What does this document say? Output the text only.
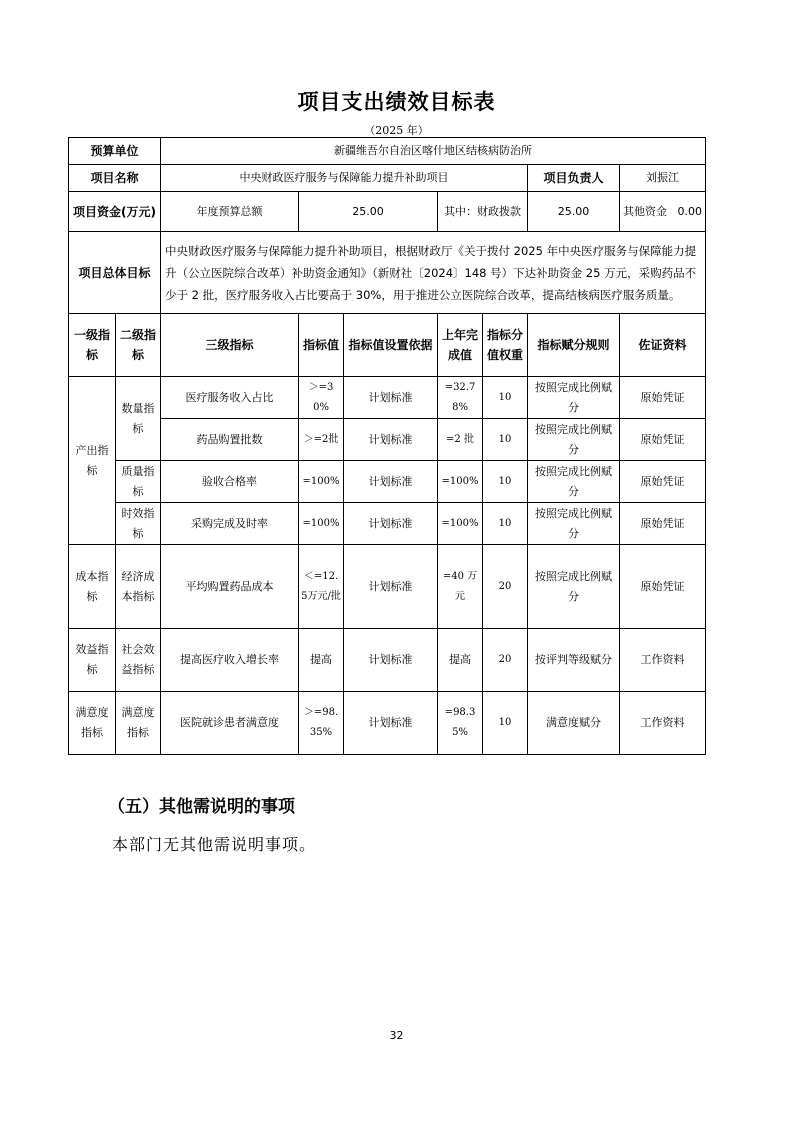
项目支出绩效目标表
（2025 年）
预算单位		新疆维吾尔自治区喀什地区结核病防治所						
项目名称		中央财政医疗服务与保障能力提升补助项目					项目负责人	刘振江
项目资金(万元)		年度预算总额	25.00		其中：财政拨款		25.00	其他资金 0.00
项目总体目标		中央财政医疗服务与保障能力提升补助项目，根据财政厅《关于拨付 2025 年中央医疗服务与保障能力提升（公立医院综合改革）补助资金通知》（新财社〔2024〕148 号）下达补助资金 25 万元，采购药品不少于 2 批，医疗服务收入占比要高于 30%，用于推进公立医院综合改革，提高结核病医疗服务质量。						
一级指标	二级指标	三级指标	指标值	指标值设置依据	上年完成值	指标分值权重	指标赋分规则	佐证资料
产出指标	数量指标	医疗服务收入占比	＞=30%	计划标准	=32.78%	10	按照完成比例赋分	原始凭证
		药品购置批数	＞=2批	计划标准	=2 批	10	按照完成比例赋分	原始凭证
	质量指标	验收合格率	=100%	计划标准	=100%	10	按照完成比例赋分	原始凭证
	时效指标	采购完成及时率	=100%	计划标准	=100%	10	按照完成比例赋分	原始凭证
成本指标	经济成本指标	平均购置药品成本	＜=12.5万元/批	计划标准	=40 万元	20	按照完成比例赋分	原始凭证
效益指标	社会效益指标	提高医疗收入增长率	提高	计划标准	提高	20	按评判等级赋分	工作资料
满意度指标	满意度指标	医院就诊患者满意度	＞=98.35%	计划标准	=98.35%	10	满意度赋分	工作资料
（五）其他需说明的事项
本部门无其他需说明事项。
32
